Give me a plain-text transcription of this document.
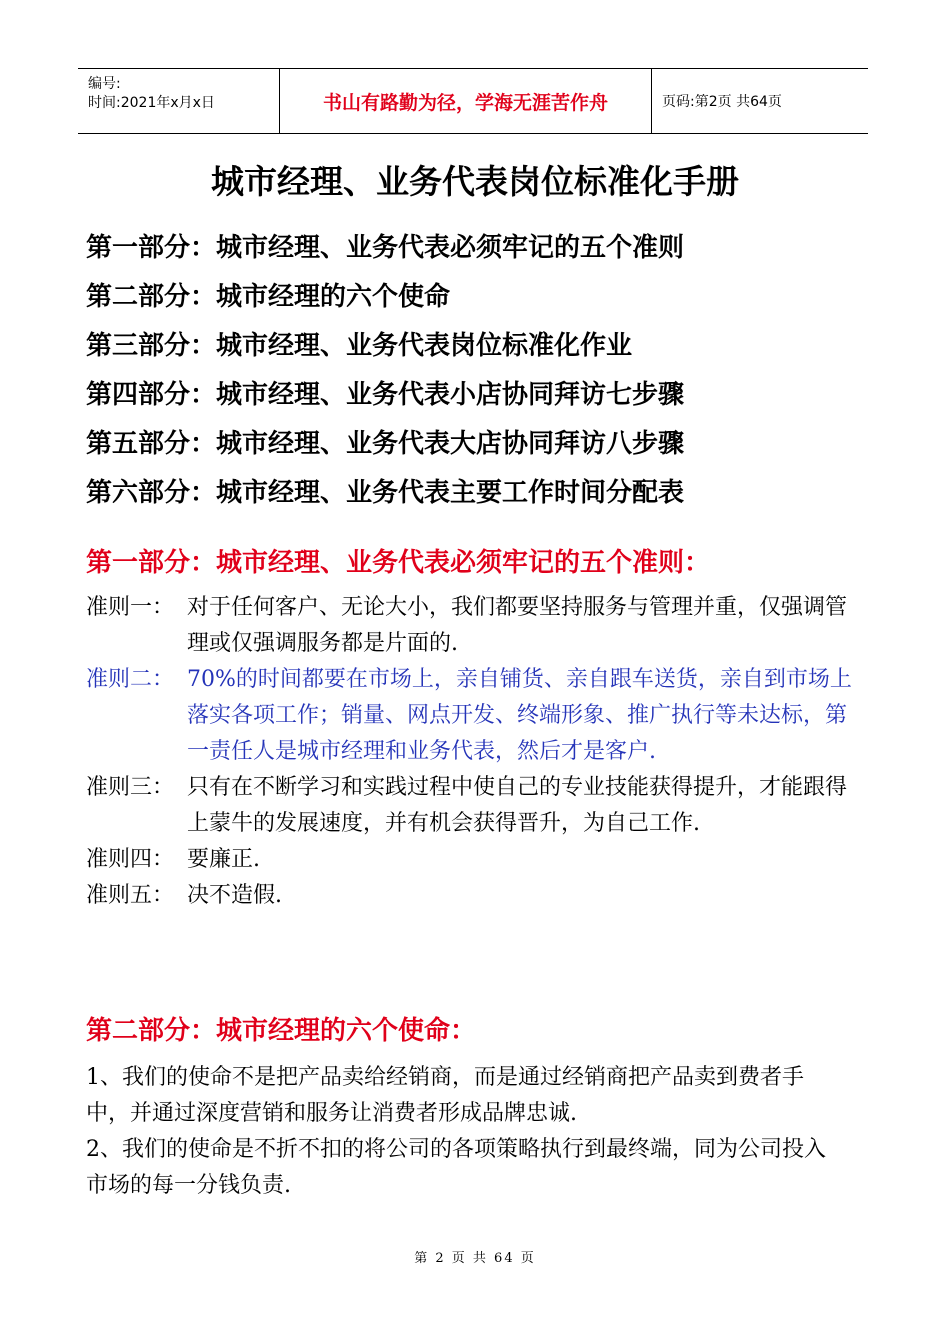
编号:
时间:2021年x月x日	书山有路勤为径，学海无涯苦作舟	页码:第2页 共64页
城市经理、业务代表岗位标准化手册
第一部分：城市经理、业务代表必须牢记的五个准则
第二部分：城市经理的六个使命
第三部分：城市经理、业务代表岗位标准化作业
第四部分：城市经理、业务代表小店协同拜访七步骤
第五部分：城市经理、业务代表大店协同拜访八步骤
第六部分：城市经理、业务代表主要工作时间分配表
第一部分：城市经理、业务代表必须牢记的五个准则：
准则一： 对于任何客户、无论大小，我们都要坚持服务与管理并重，仅强调管理或仅强调服务都是片面的.
准则二： 70%的时间都要在市场上，亲自铺货、亲自跟车送货，亲自到市场上落实各项工作；销量、网点开发、终端形象、推广执行等未达标，第一责任人是城市经理和业务代表，然后才是客户.
准则三： 只有在不断学习和实践过程中使自己的专业技能获得提升，才能跟得上蒙牛的发展速度，并有机会获得晋升，为自己工作.
准则四： 要廉正.
准则五： 决不造假.
第二部分：城市经理的六个使命：
1、我们的使命不是把产品卖给经销商，而是通过经销商把产品卖到费者手中，并通过深度营销和服务让消费者形成品牌忠诚.
2、我们的使命是不折不扣的将公司的各项策略执行到最终端，同为公司投入市场的每一分钱负责.
第 2 页 共 64 页
